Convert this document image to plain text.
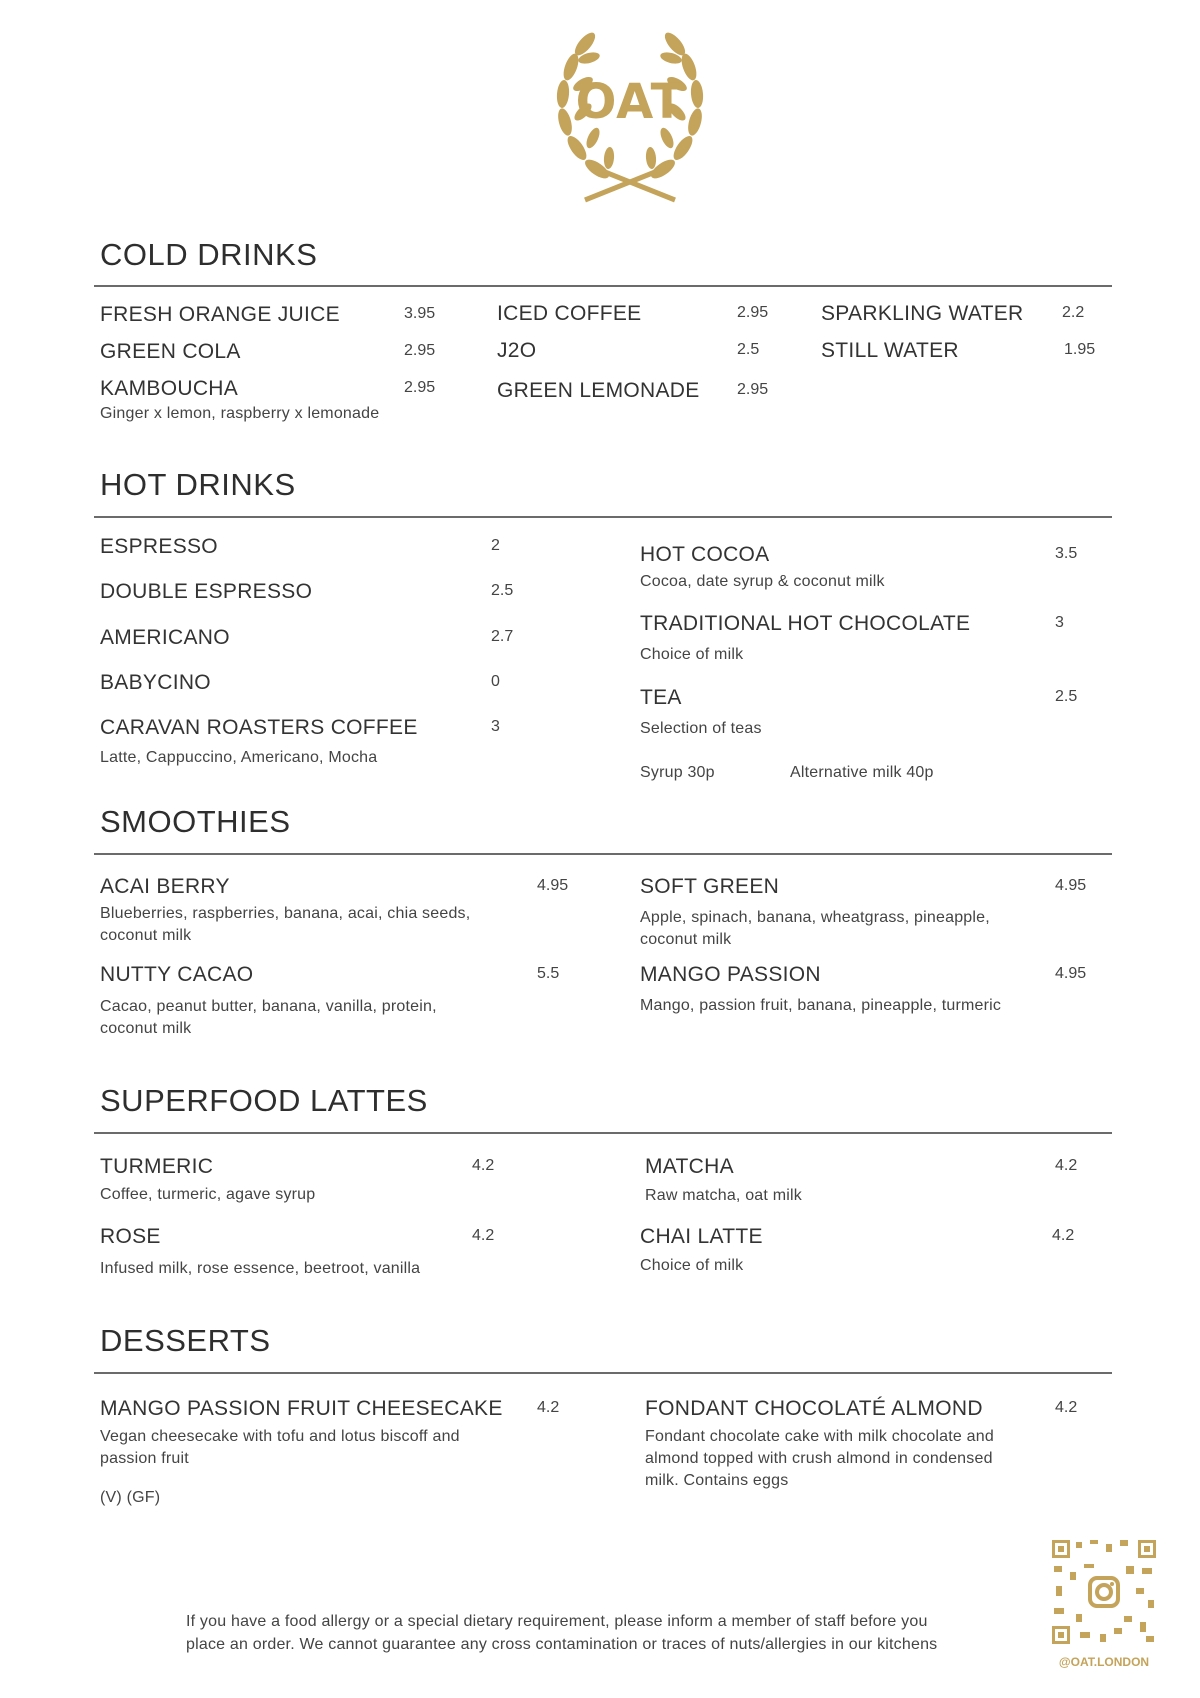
OAT
COLD DRINKS
FRESH ORANGE JUICE	3.95
GREEN COLA	2.95
KAMBOUCHA	2.95
Ginger x lemon, raspberry x lemonade
ICED COFFEE	2.95
J2O	2.5
GREEN LEMONADE 2.95
SPARKLING WATER 2.2
STILL WATER	1.95
HOT DRINKS
ESPRESSO	2
DOUBLE ESPRESSO	2.5
AMERICANO	2.7
BABYCINO	0
CARAVAN ROASTERS COFFEE	3
Latte, Cappuccino, Americano, Mocha
HOT COCOA	3.5
Cocoa, date syrup & coconut milk
TRADITIONAL HOT CHOCOLATE	3
Choice of milk
TEA	2.5
Selection of teas
Syrup 30p	Alternative milk 40p
SMOOTHIES
ACAI BERRY	4.95
Blueberries, raspberries, banana, acai, chia seeds, coconut milk
NUTTY CACAO	5.5
Cacao, peanut butter, banana, vanilla, protein, coconut milk
SOFT GREEN	4.95
Apple, spinach, banana, wheatgrass, pineapple, coconut milk
MANGO PASSION	4.95
Mango, passion fruit, banana, pineapple, turmeric
SUPERFOOD LATTES
TURMERIC	4.2
Coffee, turmeric, agave syrup
ROSE	4.2
Infused milk, rose essence, beetroot, vanilla
MATCHA	4.2
Raw matcha, oat milk
CHAI LATTE	4.2
Choice of milk
DESSERTS
MANGO PASSION FRUIT CHEESECAKE 4.2
Vegan cheesecake with tofu and lotus biscoff and passion fruit
(V) (GF)
FONDANT CHOCOLATÉ ALMOND	4.2
Fondant chocolate cake with milk chocolate and almond topped with crush almond in condensed milk. Contains eggs
If you have a food allergy or a special dietary requirement, please inform a member of staff before you
place an order. We cannot guarantee any cross contamination or traces of nuts/allergies in our kitchens
@OAT.LONDON
